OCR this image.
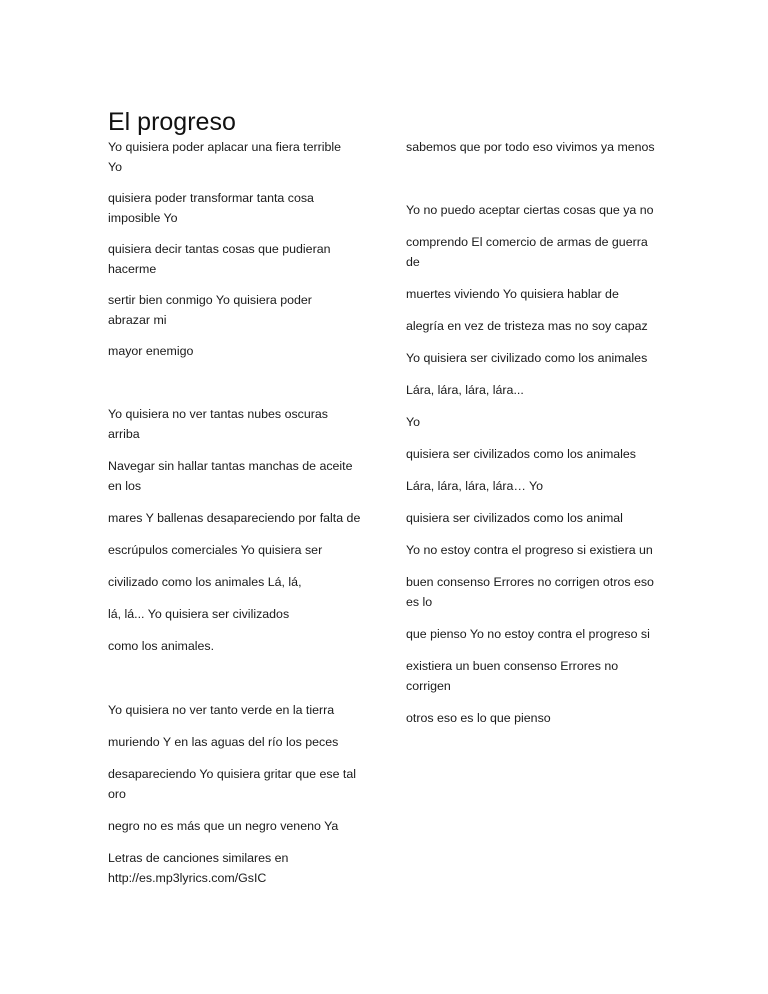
El progreso
Yo quisiera poder aplacar una fiera terrible
Yo
quisiera poder transformar tanta cosa
imposible Yo
quisiera decir tantas cosas que pudieran
hacerme
sertir bien conmigo Yo quisiera poder
abrazar mi
mayor enemigo
Yo quisiera no ver tantas nubes oscuras
arriba
Navegar sin hallar tantas manchas de aceite
en los
mares Y ballenas desapareciendo por falta de
escrúpulos comerciales Yo quisiera ser
civilizado como los animales Lá, lá,
lá, lá... Yo quisiera ser civilizados
como los animales.
Yo quisiera no ver tanto verde en la tierra
muriendo Y en las aguas del río los peces
desapareciendo Yo quisiera gritar que ese tal
oro
negro no es más que un negro veneno Ya
Letras de canciones similares en
http://es.mp3lyrics.com/GsIC
sabemos que por todo eso vivimos ya menos
Yo no puedo aceptar ciertas cosas que ya no
comprendo El comercio de armas de guerra
de
muertes viviendo Yo quisiera hablar de
alegría en vez de tristeza mas no soy capaz
Yo quisiera ser civilizado como los animales
Lára, lára, lára, lára...
Yo
quisiera ser civilizados como los animales
Lára, lára, lára, lára… Yo
quisiera ser civilizados como los animal
Yo no estoy contra el progreso si existiera un
buen consenso Errores no corrigen otros eso
es lo
que pienso Yo no estoy contra el progreso si
existiera un buen consenso Errores no
corrigen
otros eso es lo que pienso
